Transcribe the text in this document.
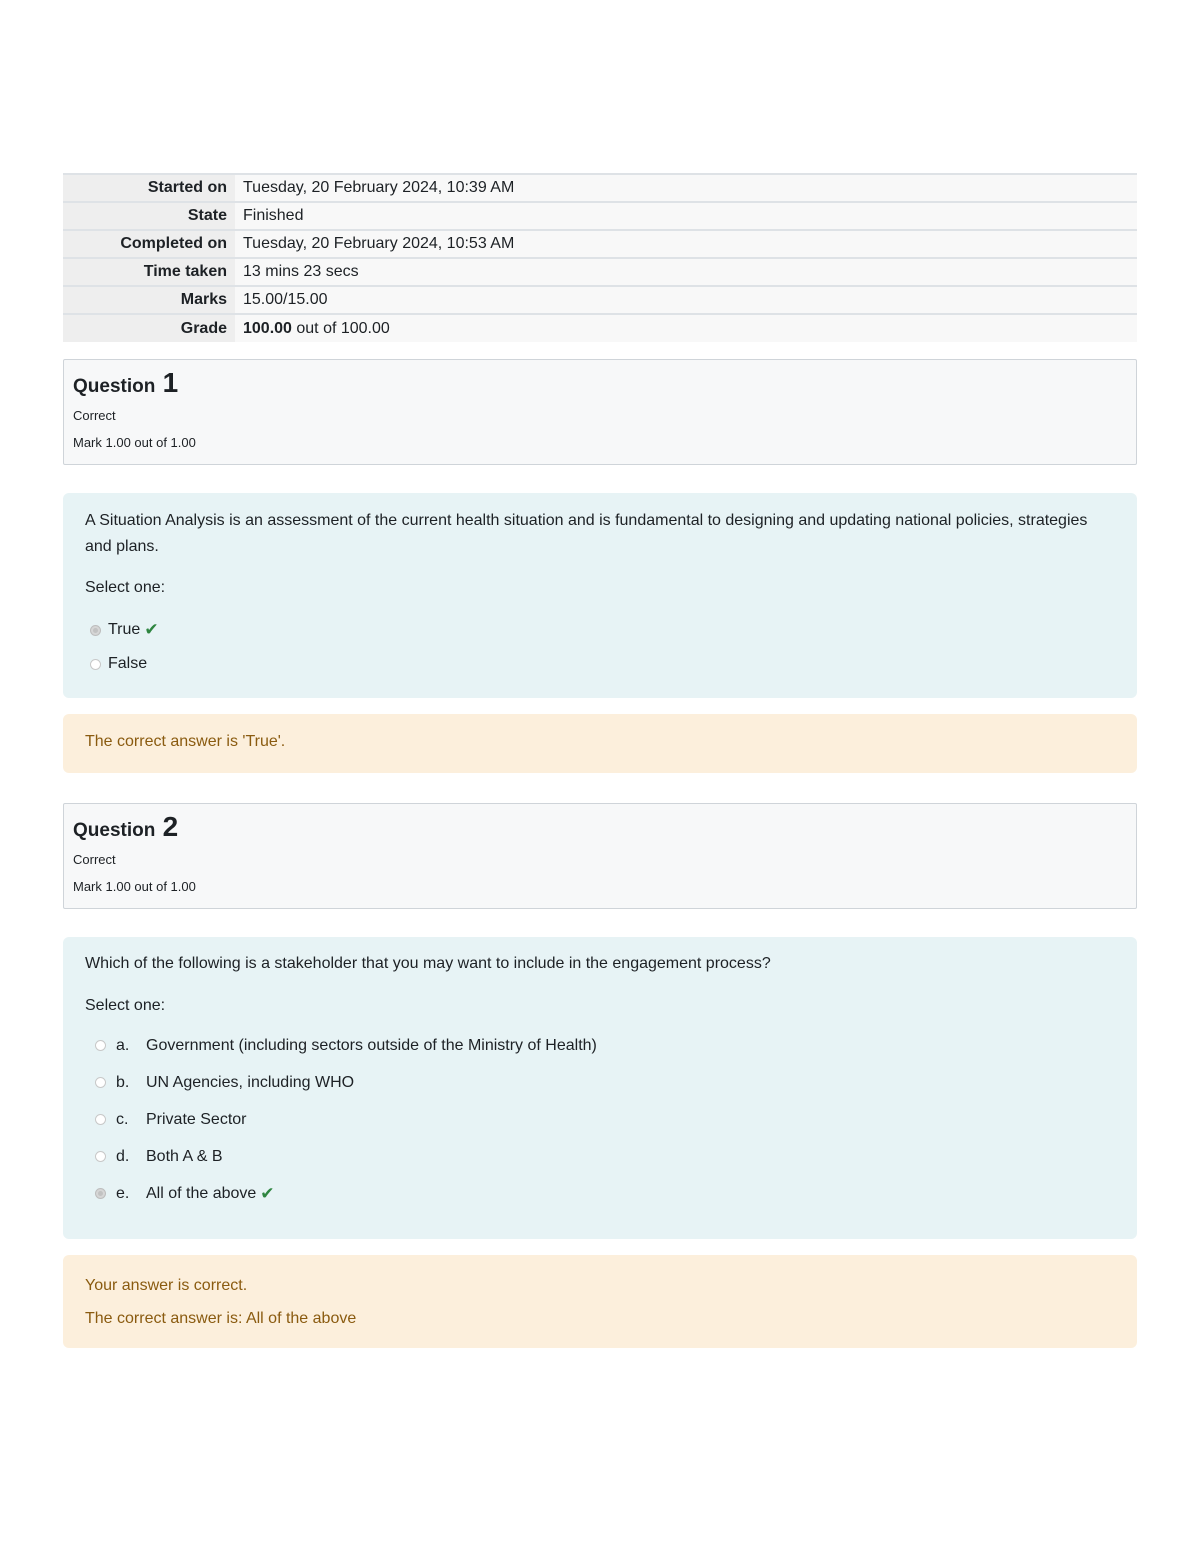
Started on	Tuesday, 20 February 2024, 10:39 AM
State	Finished
Completed on	Tuesday, 20 February 2024, 10:53 AM
Time taken	13 mins 23 secs
Marks	15.00/15.00
Grade	100.00 out of 100.00
Question 1
Correct
Mark 1.00 out of 1.00
A Situation Analysis is an assessment of the current health situation and is fundamental to designing and updating national policies, strategies and plans.
Select one:
True ✔
False
The correct answer is 'True'.
Question 2
Correct
Mark 1.00 out of 1.00
Which of the following is a stakeholder that you may want to include in the engagement process?
Select one:
a.	Government (including sectors outside of the Ministry of Health)
b.	UN Agencies, including WHO
c.	Private Sector
d.	Both A & B
e.	All of the above ✔
Your answer is correct.
The correct answer is: All of the above
